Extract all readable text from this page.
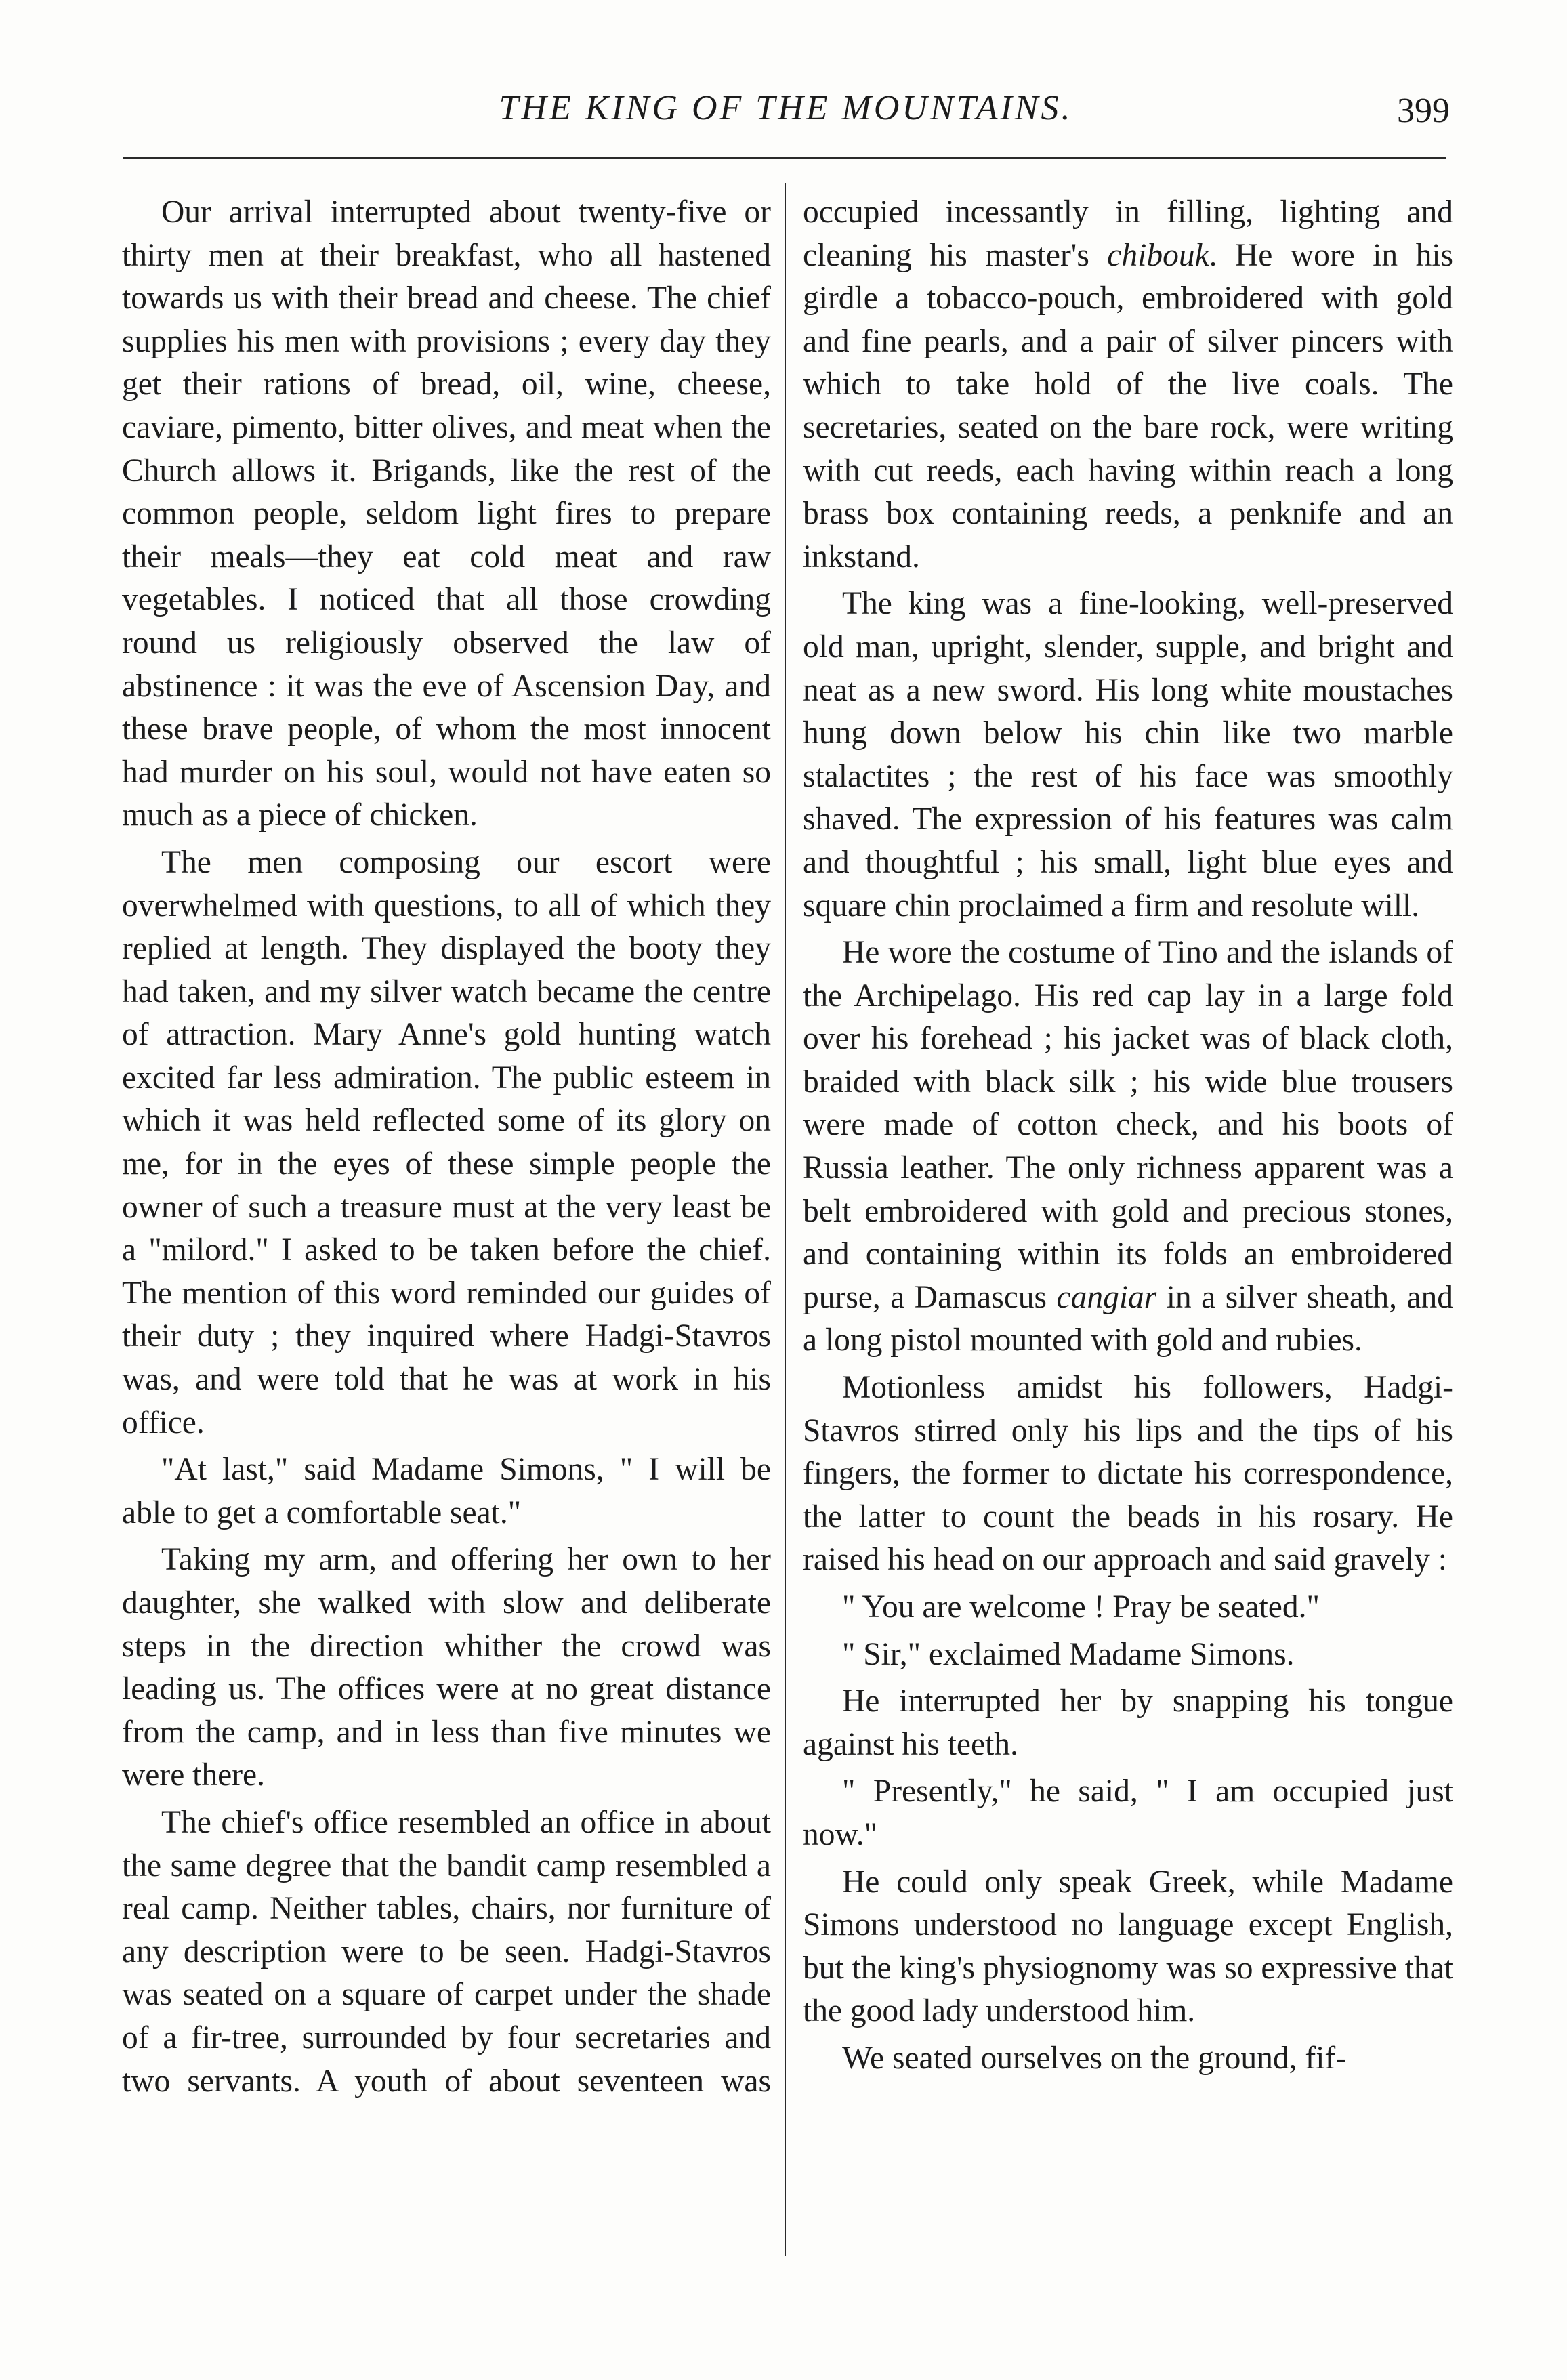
THE KING OF THE MOUNTAINS.	399

Our arrival interrupted about twenty-five or thirty men at their breakfast, who all hastened towards us with their bread and cheese. The chief supplies his men with provisions ; every day they get their rations of bread, oil, wine, cheese, caviare, pimento, bitter olives, and meat when the Church allows it. Brigands, like the rest of the common people, seldom light fires to prepare their meals—they eat cold meat and raw vegetables. I noticed that all those crowding round us religiously observed the law of abstinence : it was the eve of Ascension Day, and these brave people, of whom the most innocent had murder on his soul, would not have eaten so much as a piece of chicken.

The men composing our escort were overwhelmed with questions, to all of which they replied at length. They displayed the booty they had taken, and my silver watch became the centre of attraction. Mary Anne's gold hunting watch excited far less admiration. The public esteem in which it was held reflected some of its glory on me, for in the eyes of these simple people the owner of such a treasure must at the very least be a "milord." I asked to be taken before the chief. The mention of this word reminded our guides of their duty ; they inquired where Hadgi-Stavros was, and were told that he was at work in his office.

"At last," said Madame Simons, " I will be able to get a comfortable seat."

Taking my arm, and offering her own to her daughter, she walked with slow and deliberate steps in the direction whither the crowd was leading us. The offices were at no great distance from the camp, and in less than five minutes we were there.

The chief's office resembled an office in about the same degree that the bandit camp resembled a real camp. Neither tables, chairs, nor furniture of any description were to be seen. Hadgi-Stavros was seated on a square of carpet under the shade of a fir-tree, surrounded by four secretaries and two servants. A youth of about seventeen was

occupied incessantly in filling, lighting and cleaning his master's chibouk. He wore in his girdle a tobacco-pouch, embroidered with gold and fine pearls, and a pair of silver pincers with which to take hold of the live coals. The secretaries, seated on the bare rock, were writing with cut reeds, each having within reach a long brass box containing reeds, a penknife and an inkstand.

The king was a fine-looking, well-preserved old man, upright, slender, supple, and bright and neat as a new sword. His long white moustaches hung down below his chin like two marble stalactites ; the rest of his face was smoothly shaved. The expression of his features was calm and thoughtful ; his small, light blue eyes and square chin proclaimed a firm and resolute will.

He wore the costume of Tino and the islands of the Archipelago. His red cap lay in a large fold over his forehead ; his jacket was of black cloth, braided with black silk ; his wide blue trousers were made of cotton check, and his boots of Russia leather. The only richness apparent was a belt embroidered with gold and precious stones, and containing within its folds an embroidered purse, a Damascus cangiar in a silver sheath, and a long pistol mounted with gold and rubies.

Motionless amidst his followers, Hadgi-Stavros stirred only his lips and the tips of his fingers, the former to dictate his correspondence, the latter to count the beads in his rosary. He raised his head on our approach and said gravely :

" You are welcome ! Pray be seated."

" Sir," exclaimed Madame Simons.

He interrupted her by snapping his tongue against his teeth.

" Presently," he said, " I am occupied just now."

He could only speak Greek, while Madame Simons understood no language except English, but the king's physiognomy was so expressive that the good lady understood him.

We seated ourselves on the ground, fif-
